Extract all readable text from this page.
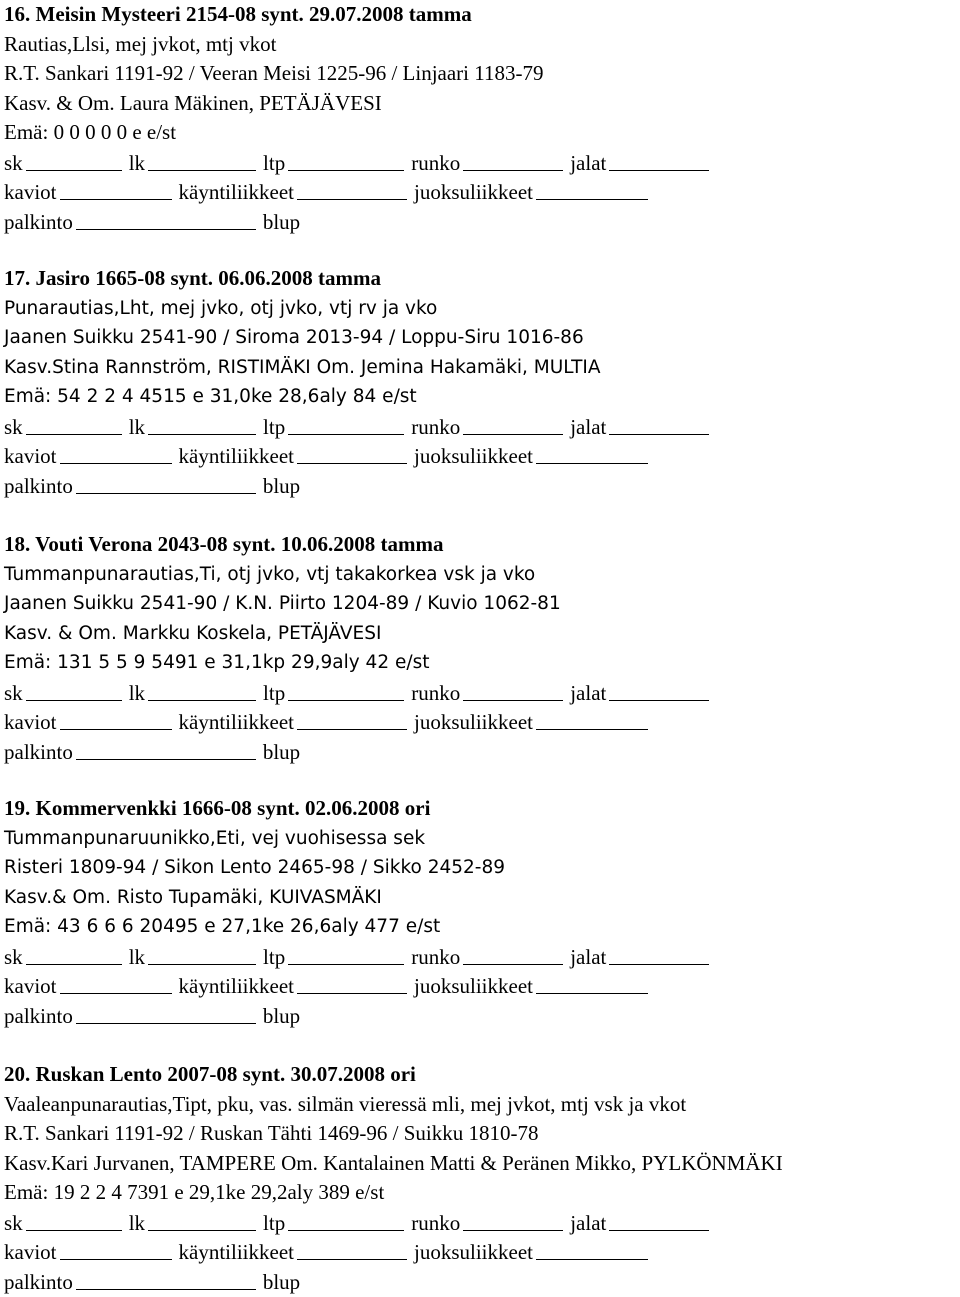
16. Meisin Mysteeri 2154-08 synt. 29.07.2008 tamma
Rautias,Llsi, mej jvkot, mtj vkot
R.T. Sankari 1191-92 / Veeran Meisi 1225-96 / Linjaari 1183-79
Kasv. & Om. Laura Mäkinen, PETÄJÄVESI
Emä: 0 0 0 0 0 e e/st
sk	lk	ltp	runko	jalat
kaviot	käyntiliikkeet	juoksuliikkeet
palkinto	blup
17. Jasiro 1665-08 synt. 06.06.2008 tamma
Punarautias,Lht, mej jvko, otj jvko, vtj rv ja vko
Jaanen Suikku 2541-90 / Siroma 2013-94 / Loppu-Siru 1016-86
Kasv.Stina Rannström, RISTIMÄKI Om. Jemina Hakamäki, MULTIA
Emä: 54 2 2 4 4515 e 31,0ke 28,6aly 84 e/st
sk	lk	ltp	runko	jalat
kaviot	käyntiliikkeet	juoksuliikkeet
palkinto	blup
18. Vouti Verona 2043-08 synt. 10.06.2008 tamma
Tummanpunarautias,Ti, otj jvko, vtj takakorkea vsk ja vko
Jaanen Suikku 2541-90 / K.N. Piirto 1204-89 / Kuvio 1062-81
Kasv. & Om. Markku Koskela, PETÄJÄVESI
Emä: 131 5 5 9 5491 e 31,1kp 29,9aly 42 e/st
sk	lk	ltp	runko	jalat
kaviot	käyntiliikkeet	juoksuliikkeet
palkinto	blup
19. Kommervenkki 1666-08 synt. 02.06.2008 ori
Tummanpunaruunikko,Eti, vej vuohisessa sek
Risteri 1809-94 / Sikon Lento 2465-98 / Sikko 2452-89
Kasv.& Om. Risto Tupamäki, KUIVASMÄKI
Emä: 43 6 6 6 20495 e 27,1ke 26,6aly 477 e/st
sk	lk	ltp	runko	jalat
kaviot	käyntiliikkeet	juoksuliikkeet
palkinto	blup
20. Ruskan Lento 2007-08 synt. 30.07.2008 ori
Vaaleanpunarautias,Tipt, pku, vas. silmän vieressä mli, mej jvkot, mtj vsk ja vkot
R.T. Sankari 1191-92 / Ruskan Tähti 1469-96 / Suikku 1810-78
Kasv.Kari Jurvanen, TAMPERE Om. Kantalainen Matti & Peränen Mikko, PYLKÖNMÄKI
Emä: 19 2 2 4 7391 e 29,1ke 29,2aly 389 e/st
sk	lk	ltp	runko	jalat
kaviot	käyntiliikkeet	juoksuliikkeet
palkinto	blup
